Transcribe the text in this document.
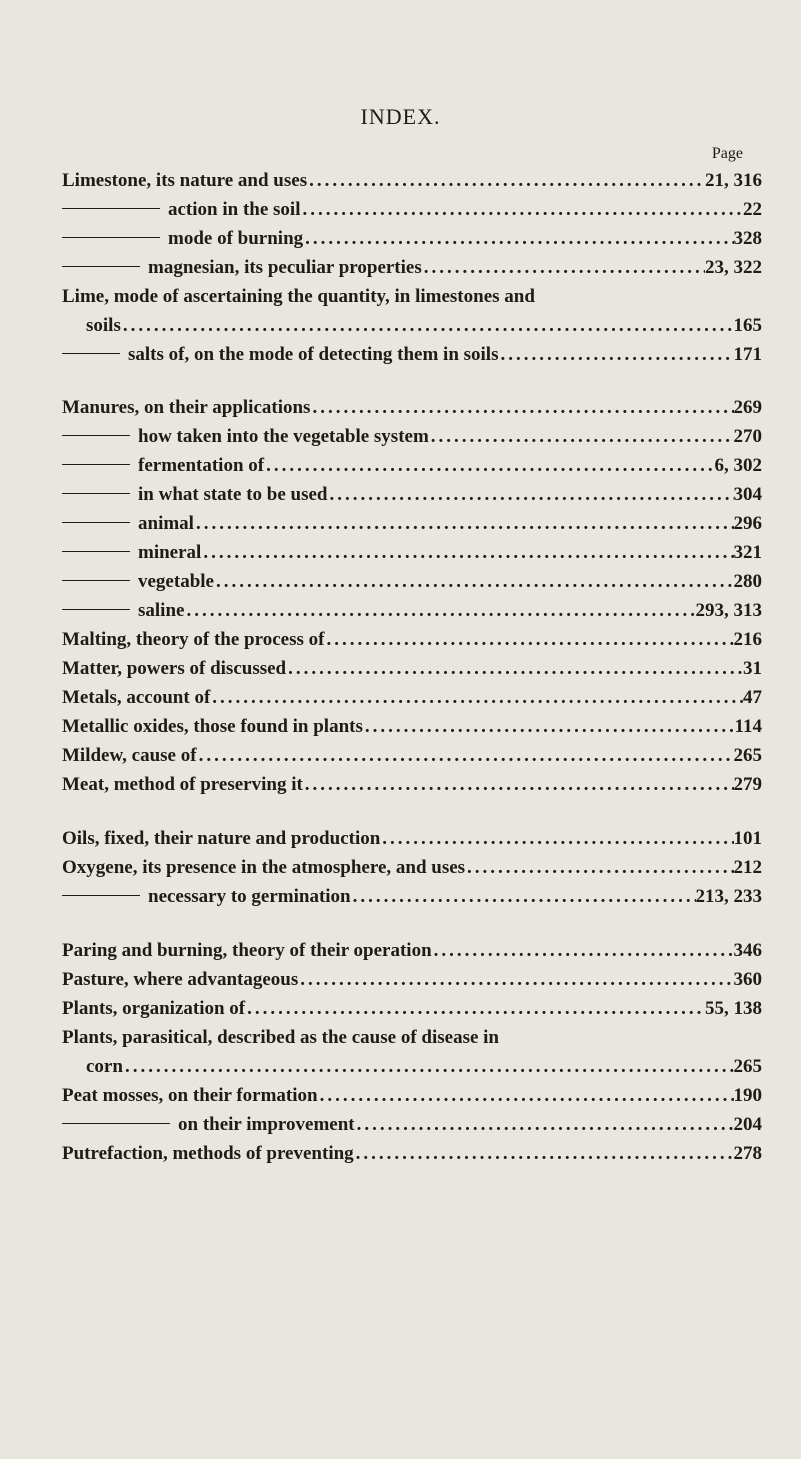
INDEX.
Page
Limestone, its nature and uses .....	21, 316
action in the soil .....	22
mode of burning .....	328
magnesian, its peculiar properties .....	23, 322
Lime, mode of ascertaining the quantity, in limestones and
soils .....	165
salts of, on the mode of detecting them in soils .....	171
Manures, on their applications .....	269
how taken into the vegetable system .....	270
fermentation of .....	6, 302
in what state to be used .....	304
animal .....	296
mineral .....	321
vegetable .....	280
saline .....	293, 313
Malting, theory of the process of .....	216
Matter, powers of discussed .....	31
Metals, account of .....	47
Metallic oxides, those found in plants .....	114
Mildew, cause of .....	265
Meat, method of preserving it .....	279
Oils, fixed, their nature and production .....	101
Oxygene, its presence in the atmosphere, and uses .....	212
necessary to germination .....	213, 233
Paring and burning, theory of their operation .....	346
Pasture, where advantageous .....	360
Plants, organization of .....	55, 138
Plants, parasitical, described as the cause of disease in
corn .....	265
Peat mosses, on their formation .....	190
on their improvement .....	204
Putrefaction, methods of preventing .....	278
